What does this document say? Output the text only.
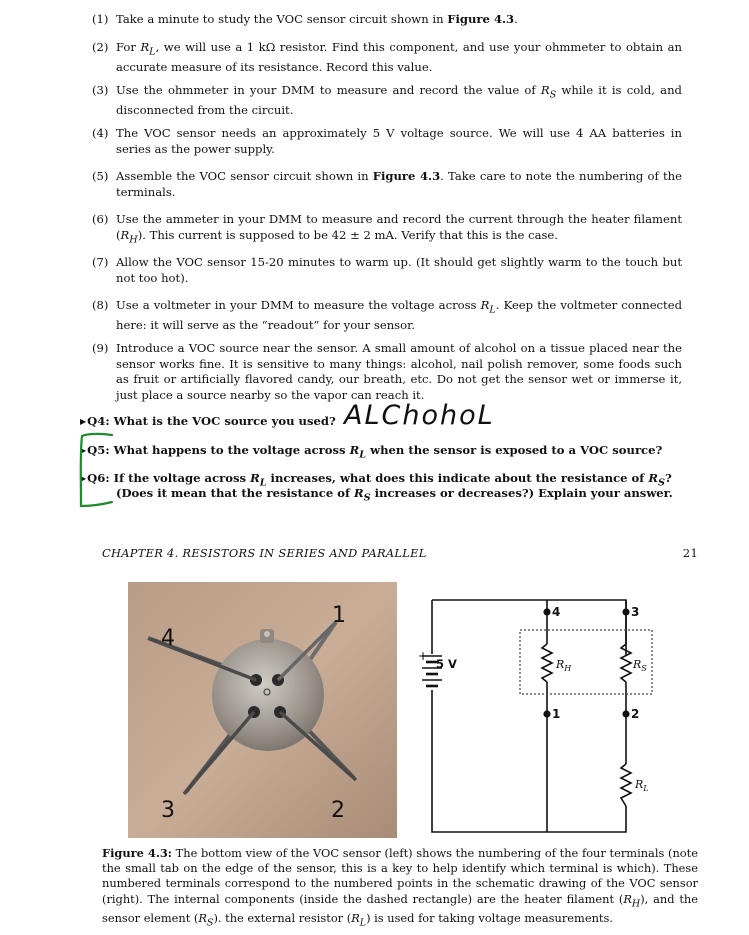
(1) Take a minute to study the VOC sensor circuit shown in Figure 4.3.
(2) For $R_L$, we will use a 1 kΩ resistor. Find this component, and use your ohmmeter to obtain an accurate measure of its resistance. Record this value.
(3) Use the ohmmeter in your DMM to measure and record the value of $R_S$ while it is cold, and disconnected from the circuit.
(4) The VOC sensor needs an approximately 5 V voltage source. We will use 4 AA batteries in series as the power supply.
(5) Assemble the VOC sensor circuit shown in Figure 4.3. Take care to note the numbering of the terminals.
(6) Use the ammeter in your DMM to measure and record the current through the heater filament $(R_H)$. This current is supposed to be 42 ± 2 mA. Verify that this is the case.
(7) Allow the VOC sensor 15-20 minutes to warm up. (It should get slightly warm to the touch but not too hot).
(8) Use a voltmeter in your DMM to measure the voltage across $R_L$. Keep the voltmeter connected here: it will serve as the “readout” for your sensor.
(9) Introduce a VOC source near the sensor. A small amount of alcohol on a tissue placed near the sensor works fine. It is sensitive to many things: alcohol, nail polish remover, some foods such as fruit or artificially flavored candy, our breath, etc. Do not get the sensor wet or immerse it, just place a source nearby so the vapor can reach it.
▶Q4: What is the VOC source you used? ALChohoL
▶Q5: What happens to the voltage across $R_L$ when the sensor is exposed to a VOC source?
▶Q6: If the voltage across $R_L$ increases, what does this indicate about the resistance of $R_S$?
(Does it mean that the resistance of $R_S$ increases or decreases?) Explain your answer.
CHAPTER 4. RESISTORS IN SERIES AND PARALLEL	21
1
2
3
4
+
5 V
4	3
1	2
$R_H$	$R_S$
$R_L$
Figure 4.3: The bottom view of the VOC sensor (left) shows the numbering of the four terminals (note the small tab on the edge of the sensor, this is a key to help identify which terminal is which). These numbered terminals correspond to the numbered points in the schematic drawing of the VOC sensor (right). The internal components (inside the dashed rectangle) are the heater filament $(R_H)$, and the sensor element $(R_S)$. the external resistor $(R_L)$ is used for taking voltage measurements.
